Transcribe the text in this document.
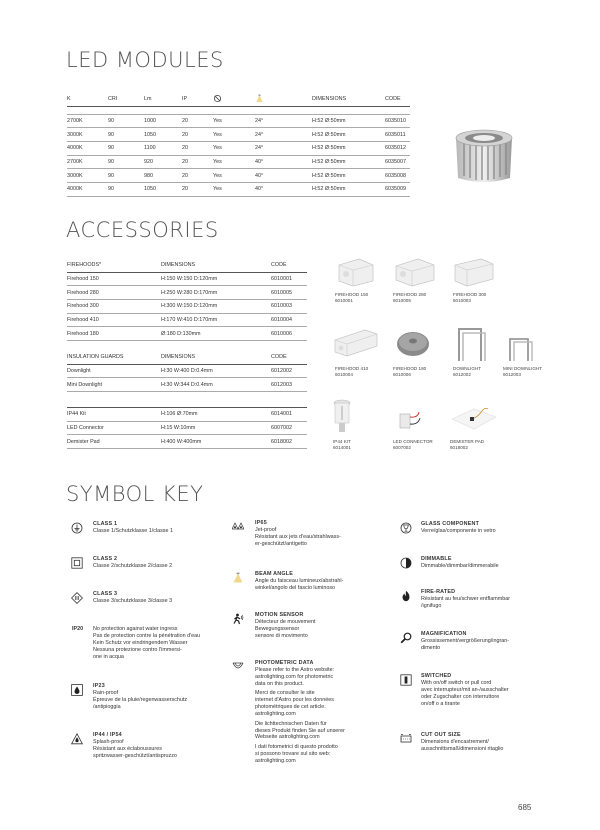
LED MODULES
K	CRI	Lm	IP			DIMENSIONS	CODE

2700K	90	1000	20	Yes	24°	H:52 Ø:50mm	6035010
3000K	90	1050	20	Yes	24°	H:52 Ø:50mm	6035011
4000K	90	1100	20	Yes	24°	H:52 Ø:50mm	6035012
2700K	90	920	20	Yes	40°	H:52 Ø:50mm	6035007
3000K	90	980	20	Yes	40°	H:52 Ø:50mm	6035008
4000K	90	1050	20	Yes	40°	H:52 Ø:50mm	6035009
ACCESSORIES
FIREHOODS*	DIMENSIONS	CODE
Firehood 150	H:150 W:150 D:120mm	6010001
Firehood 280	H:250 W:280 D:170mm	6010005
Firehood 300	H:300 W:150 D:120mm	6010003
Firehood 410	H:170 W:410 D:170mm	6010004
Firehood 180	Ø:180 D:130mm	6010006
INSULATION GUARDS	DIMENSIONS	CODE
Downlight	H:30 W:400 D:0.4mm	6012002
Mini Downlight	H:30 W:344 D:0.4mm	6012003
IP44 Kit	H:106 Ø:70mm	6014001
LED Connector	H:15 W:10mm	6007002
Demister Pad	H:400 W:400mm	6018002
FIREHOOD 150
6010001
FIREHOOD 280
6010005
FIREHOOD 300
6010003
FIREHOOD 410
6010004
FIREHOOD 180
6010006
DOWNLIGHT
6012002
MINI DOWNLIGHT
6012003
IP44 KIT
6014001
LED CONNECTOR
6007002
DEMISTER PAD
6018002
SYMBOL KEY
CLASS 1
Classe 1/Schutzklasse 1/classe 1
CLASS 2
Classe 2/schutzklasse 2/classe 2
CLASS 3
Classe 3/schutzklasse 3/classe 3
IP20 No protection against water ingress
Pas de protection contre la pénétration d'eau
Kein Schutz vor eindringendem Wasser
Nessuna protezione contro l'immersi-
one in acqua
IP23
Rain-proof
Épreuve de la pluie/regenwasserschutz
/antipioggia
IP44 / IP54
Splash-proof
Résistant aux éclaboussures
spritzwasser-geschützt/antispruzzo
IP65
Jet-proof
Résistant aux jets d'eau/strahlwass-
er-geschützt/antigetto
BEAM ANGLE
Angle du faisceau lumineux/abstrahl-
winkel/angolo del fascio luminoso
MOTION SENSOR
Détecteur de mouvement
Bewegungssensor
sensore di movimento
PHOTOMETRIC DATA
Please refer to the Astro website:
astrolighting.com for photometric
data on this product.
Merci de consulter le site
internet d'Astro pour les données
photométriques de cet article.
astrolighting.com
Die lichttechnischen Daten für
dieses Produkt finden Sie auf unserer
Webseite astrolighting.com
I dati fotometrici di questo prodotto
si possono trovare sul sito web:
astrolighting.com
GLASS COMPONENT
Verre/glas/componente in vetro
DIMMABLE
Dimmable/dimmbar/dimmerabile
FIRE-RATED
Résistant au feu/schwer entflammbar
/ignifugo
MAGNIFICATION
Grossissement/vergrößerung/ingran-
dimento
SWITCHED
With on/off switch or pull cord
avec interrupteur/mit an-/ausschalter
oder Zugschalter con interruttore
on/off o a tirante
CUT OUT SIZE
Dimensions d'encastrement/
ausschnittsmaß/dimensioni ritaglio
685
